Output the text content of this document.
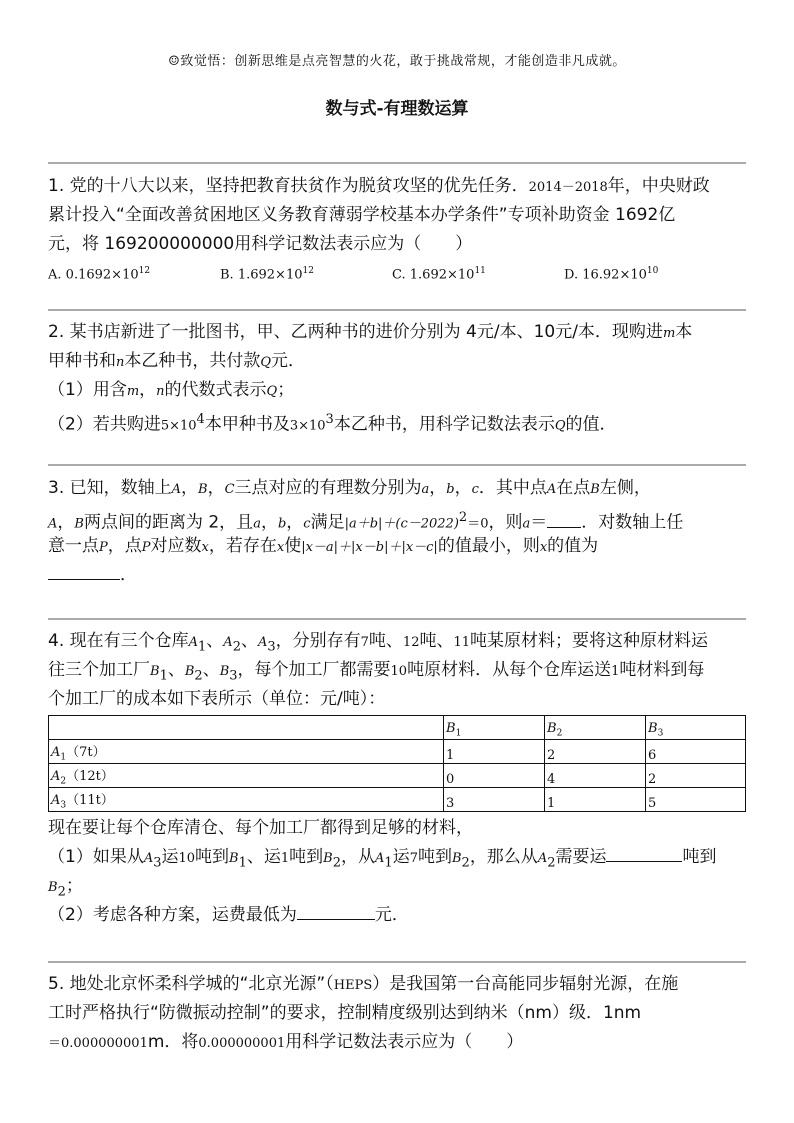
☺致觉悟：创新思维是点亮智慧的火花，敢于挑战常规，才能创造非凡成就。
数与式-有理数运算
1. 党的十八大以来，坚持把教育扶贫作为脱贫攻坚的优先任务．2014－2018年，中央财政
累计投入“全面改善贫困地区义务教育薄弱学校基本办学条件”专项补助资金 1692亿
元，将 169200000000用科学记数法表示应为（　　）
A. $0.1692\times 10^{12}$	B. $1.692\times 10^{12}$	C. $1.692\times 10^{11}$	D. $16.92\times 10^{10}$
2. 某书店新进了一批图书，甲、乙两种书的进价分别为 4元/本、10元/本．现购进m本
甲种书和n本乙种书，共付款Q元．
（1）用含m，n的代数式表示Q；
（2）若共购进$5\times 10^4$本甲种书及$3\times 10^3$本乙种书，用科学记数法表示Q的值．
3. 已知，数轴上A，B，C三点对应的有理数分别为a，b，c．其中点A在点B左侧，
A，B两点间的距离为 2，且a，b，c满足$|a+b|+(c-2022)^2=0$，则a＝ ．对数轴上任
意一点P，点P对应数x，若存在x使|x－a|＋|x－b|＋|x－c|的值最小，则x的值为
．
4. 现在有三个仓库$A_1$、$A_2$、$A_3$，分别存有7吨、12吨、11吨某原材料；要将这种原材料运
往三个加工厂$B_1$、$B_2$、$B_3$，每个加工厂都需要10吨原材料．从每个仓库运送1吨材料到每
个加工厂的成本如下表所示（单位：元/吨）：
	$B_1$	$B_2$	$B_3$
$A_1(7t)$	1	2	6
$A_2(12t)$	0	4	2
$A_3(11t)$	3	1	5
现在要让每个仓库清仓、每个加工厂都得到足够的材料，
（1）如果从$A_3$运10吨到$B_1$、运1吨到$B_2$，从$A_1$运7吨到$B_2$，那么从$A_2$需要运	吨到
$B_2$；
（2）考虑各种方案，运费最低为	元．
5. 地处北京怀柔科学城的“北京光源”（HEPS）是我国第一台高能同步辐射光源，在施
工时严格执行“防微振动控制”的要求，控制精度级别达到纳米（nm）级．1nm
＝0.000000001m．将0.000000001用科学记数法表示应为（　　）
